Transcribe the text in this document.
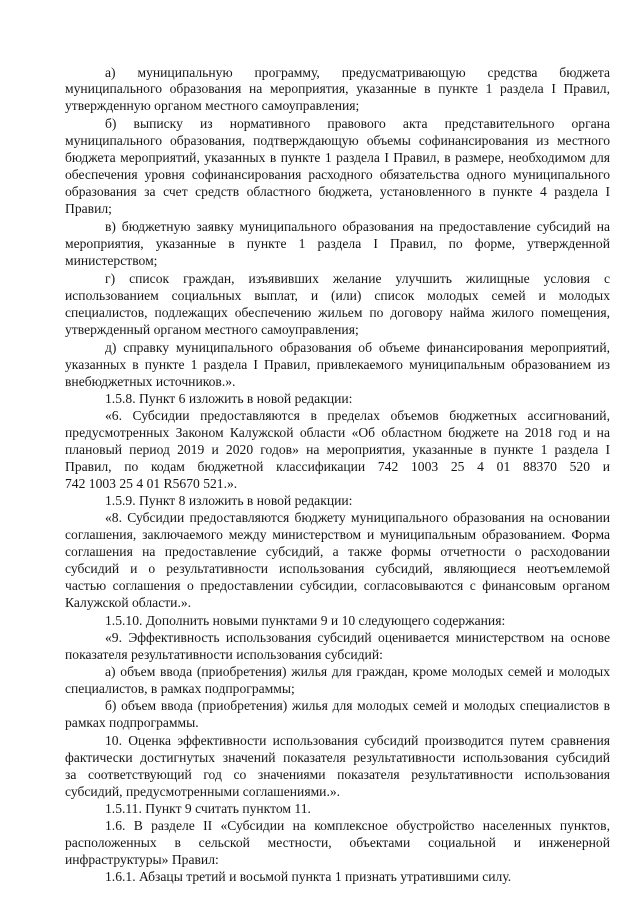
а) муниципальную программу, предусматривающую средства бюджета

муниципального образования на мероприятия, указанные в пункте 1 раздела I Правил,

утвержденную органом местного самоуправления;

б) выписку из нормативного правового акта представительного органа

муниципального образования, подтверждающую объемы софинансирования из местного

бюджета мероприятий, указанных в пункте 1 раздела I Правил, в размере, необходимом для

обеспечения уровня софинансирования расходного обязательства одного муниципального

образования за счет средств областного бюджета, установленного в пункте 4 раздела I

Правил;

в) бюджетную заявку муниципального образования на предоставление субсидий на

мероприятия, указанные в пункте 1 раздела I Правил, по форме, утвержденной

министерством;

г) список граждан, изъявивших желание улучшить жилищные условия с

использованием социальных выплат, и (или) список молодых семей и молодых

специалистов, подлежащих обеспечению жильем по договору найма жилого помещения,

утвержденный органом местного самоуправления;

д) справку муниципального образования об объеме финансирования мероприятий,

указанных в пункте 1 раздела I Правил, привлекаемого муниципальным образованием из

внебюджетных источников.».

1.5.8. Пункт 6 изложить в новой редакции:

«6. Субсидии предоставляются в пределах объемов бюджетных ассигнований,

предусмотренных Законом Калужской области «Об областном бюджете на 2018 год и на

плановый период 2019 и 2020 годов» на мероприятия, указанные в пункте 1 раздела I

Правил, по кодам бюджетной классификации 742 1003 25 4 01 88370 520 и

742 1003 25 4 01 R5670 521.».

1.5.9. Пункт 8 изложить в новой редакции:

«8. Субсидии предоставляются бюджету муниципального образования на основании

соглашения, заключаемого между министерством и муниципальным образованием. Форма

соглашения на предоставление субсидий, а также формы отчетности о расходовании

субсидий и о результативности использования субсидий, являющиеся неотъемлемой

частью соглашения о предоставлении субсидии, согласовываются с финансовым органом

Калужской области.».

1.5.10. Дополнить новыми пунктами 9 и 10 следующего содержания:

«9. Эффективность использования субсидий оценивается министерством на основе

показателя результативности использования субсидий:

а) объем ввода (приобретения) жилья для граждан, кроме молодых семей и молодых

специалистов, в рамках подпрограммы;

б) объем ввода (приобретения) жилья для молодых семей и молодых специалистов в

рамках подпрограммы.

10. Оценка эффективности использования субсидий производится путем сравнения

фактически достигнутых значений показателя результативности использования субсидий

за соответствующий год со значениями показателя результативности использования

субсидий, предусмотренными соглашениями.».

1.5.11. Пункт 9 считать пунктом 11.

1.6. В разделе II «Субсидии на комплексное обустройство населенных пунктов,

расположенных в сельской местности, объектами социальной и инженерной

инфраструктуры» Правил:

1.6.1. Абзацы третий и восьмой пункта 1 признать утратившими силу.
